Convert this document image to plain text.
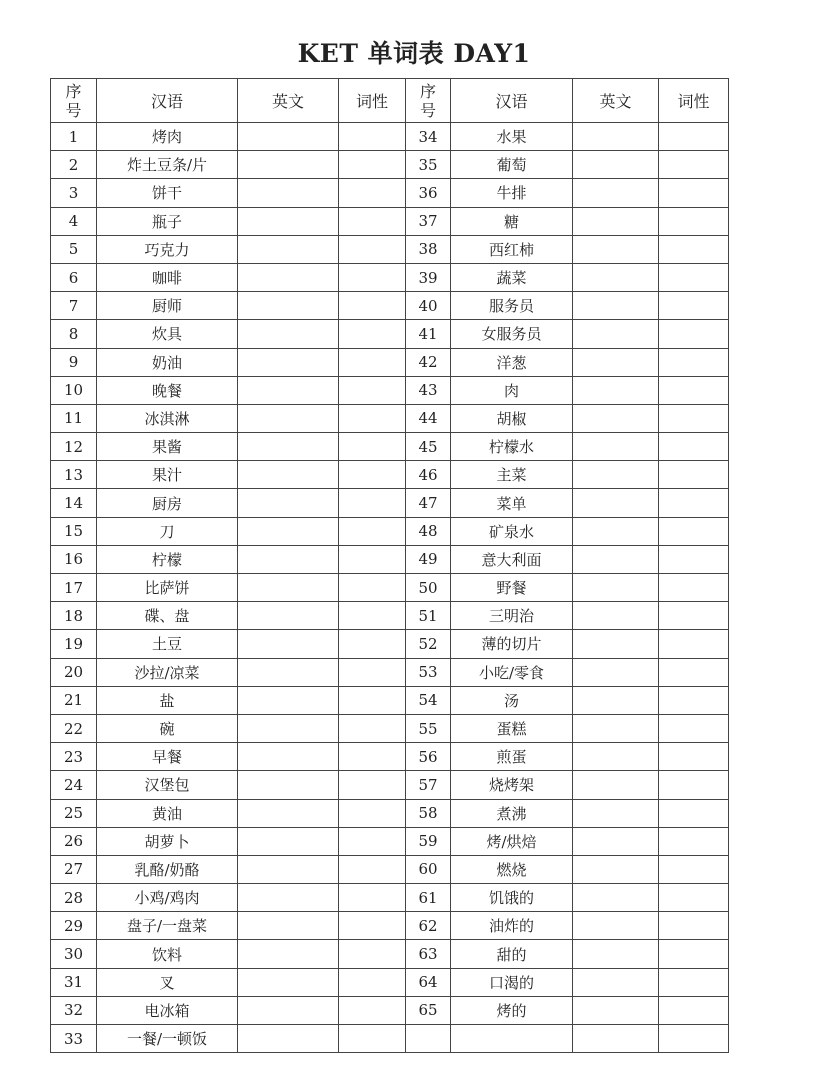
KET 单词表 DAY1
序号	汉语	英文	词性	序号	汉语	英文	词性
1	烤肉			34	水果		
2	炸土豆条/片			35	葡萄		
3	饼干			36	牛排		
4	瓶子			37	糖		
5	巧克力			38	西红柿		
6	咖啡			39	蔬菜		
7	厨师			40	服务员		
8	炊具			41	女服务员		
9	奶油			42	洋葱		
10	晚餐			43	肉		
11	冰淇淋			44	胡椒		
12	果酱			45	柠檬水		
13	果汁			46	主菜		
14	厨房			47	菜单		
15	刀			48	矿泉水		
16	柠檬			49	意大利面		
17	比萨饼			50	野餐		
18	碟、盘			51	三明治		
19	土豆			52	薄的切片		
20	沙拉/凉菜			53	小吃/零食		
21	盐			54	汤		
22	碗			55	蛋糕		
23	早餐			56	煎蛋		
24	汉堡包			57	烧烤架		
25	黄油			58	煮沸		
26	胡萝卜			59	烤/烘焙		
27	乳酪/奶酪			60	燃烧		
28	小鸡/鸡肉			61	饥饿的		
29	盘子/一盘菜			62	油炸的		
30	饮料			63	甜的		
31	叉			64	口渴的		
32	电冰箱			65	烤的		
33	一餐/一顿饭						
